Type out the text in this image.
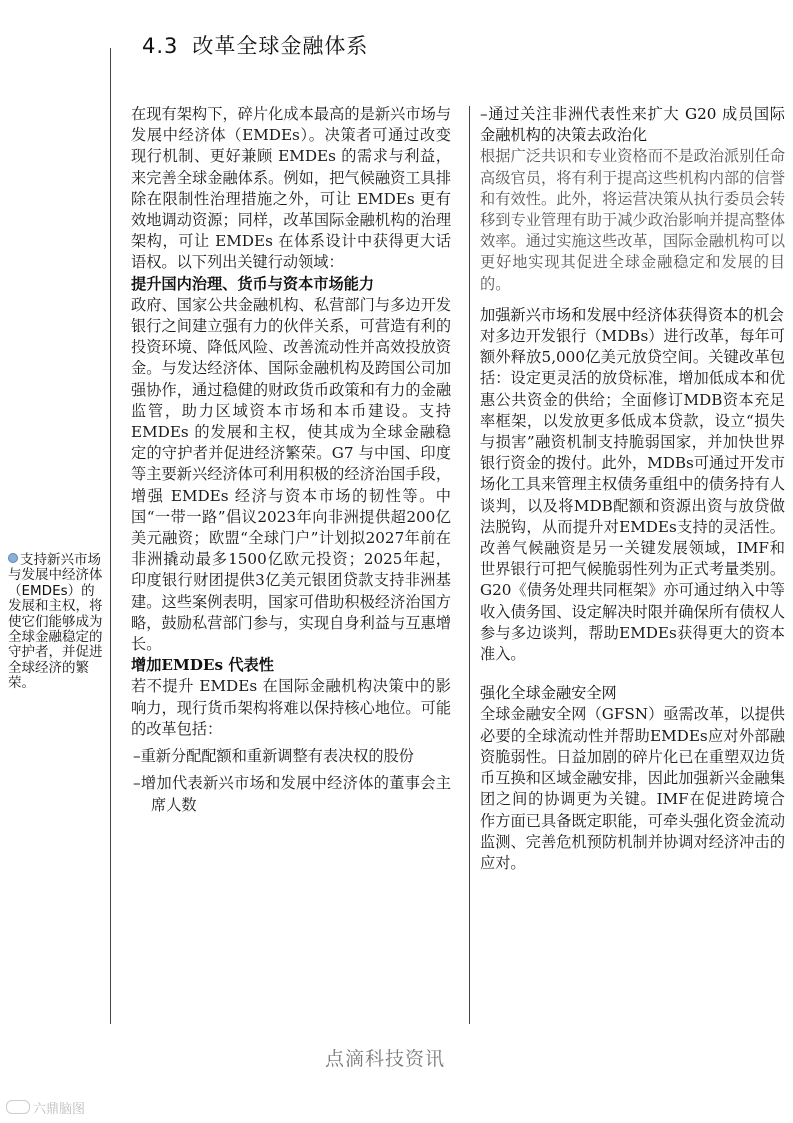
4.3 改革全球金融体系
支持新兴市场与发展中经济体（EMDEs）的发展和主权，将使它们能够成为全球金融稳定的守护者，并促进全球经济的繁荣。

在现有架构下，碎片化成本最高的是新兴市场与发展中经济体（EMDEs）。决策者可通过改变现行机制、更好兼顾 EMDEs 的需求与利益，来完善全球金融体系。例如，把气候融资工具排除在限制性治理措施之外，可让 EMDEs 更有效地调动资源；同样，改革国际金融机构的治理架构，可让 EMDEs 在体系设计中获得更大话语权。以下列出关键行动领域：

提升国内治理、货币与资本市场能力

政府、国家公共金融机构、私营部门与多边开发银行之间建立强有力的伙伴关系，可营造有利的投资环境、降低风险、改善流动性并高效投放资金。与发达经济体、国际金融机构及跨国公司加强协作，通过稳健的财政货币政策和有力的金融监管，助力区域资本市场和本币建设。支持 EMDEs 的发展和主权，使其成为全球金融稳定的守护者并促进经济繁荣。G7 与中国、印度等主要新兴经济体可利用积极的经济治国手段，增强 EMDEs 经济与资本市场的韧性等。中国“一带一路”倡议2023年向非洲提供超200亿美元融资；欧盟“全球门户”计划拟2027年前在非洲撬动最多1500亿欧元投资；2025年起，印度银行财团提供3亿美元银团贷款支持非洲基建。这些案例表明，国家可借助积极经济治国方略，鼓励私营部门参与，实现自身利益与互惠增长。

增加EMDEs 代表性

若不提升 EMDEs 在国际金融机构决策中的影响力，现行货币架构将难以保持核心地位。可能的改革包括：

–重新分配配额和重新调整有表决权的股份
–增加代表新兴市场和发展中经济体的董事会主席人数
–通过关注非洲代表性来扩大 G20 成员国际金融机构的决策去政治化

根据广泛共识和专业资格而不是政治派别任命高级官员，将有利于提高这些机构内部的信誉和有效性。此外，将运营决策从执行委员会转移到专业管理有助于减少政治影响并提高整体效率。通过实施这些改革，国际金融机构可以更好地实现其促进全球金融稳定和发展的目的。

加强新兴市场和发展中经济体获得资本的机会

对多边开发银行（MDBs）进行改革，每年可额外释放5,000亿美元放贷空间。关键改革包括：设定更灵活的放贷标准，增加低成本和优惠公共资金的供给；全面修订MDB资本充足率框架，以发放更多低成本贷款，设立“损失与损害”融资机制支持脆弱国家，并加快世界银行资金的拨付。此外，MDBs可通过开发市场化工具来管理主权债务重组中的债务持有人谈判，以及将MDB配额和资源出资与放贷做法脱钩，从而提升对EMDEs支持的灵活性。改善气候融资是另一关键发展领域，IMF和世界银行可把气候脆弱性列为正式考量类别。G20《债务处理共同框架》亦可通过纳入中等收入债务国、设定解决时限并确保所有债权人参与多边谈判，帮助EMDEs获得更大的资本准入。

强化全球金融安全网

全球金融安全网（GFSN）亟需改革，以提供必要的全球流动性并帮助EMDEs应对外部融资脆弱性。日益加剧的碎片化已在重塑双边货币互换和区域金融安排，因此加强新兴金融集团之间的协调更为关键。IMF在促进跨境合作方面已具备既定职能，可牵头强化资金流动监测、完善危机预防机制并协调对经济冲击的应对。

点滴科技资讯
六鼎脑图
